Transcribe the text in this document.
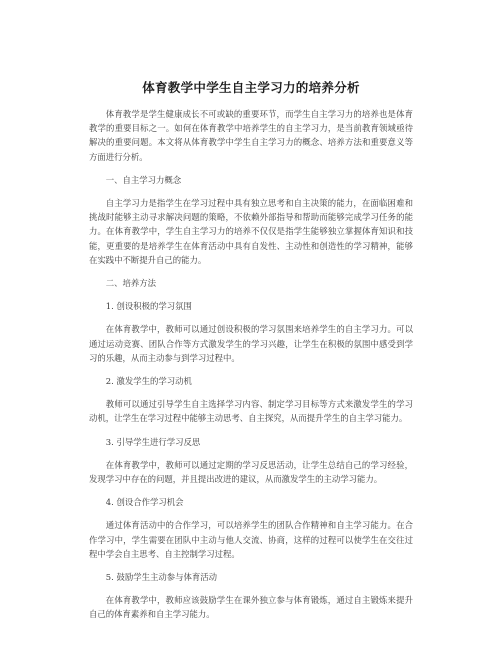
体育教学中学生自主学习力的培养分析

体育教学是学生健康成长不可或缺的重要环节，而学生自主学习力的培养也是体育教学的重要目标之一。如何在体育教学中培养学生的自主学习力，是当前教育领域亟待解决的重要问题。本文将从体育教学中学生自主学习力的概念、培养方法和重要意义等方面进行分析。

一、自主学习力概念

自主学习力是指学生在学习过程中具有独立思考和自主决策的能力，在面临困难和挑战时能够主动寻求解决问题的策略，不依赖外部指导和帮助而能够完成学习任务的能力。在体育教学中，学生自主学习力的培养不仅仅是指学生能够独立掌握体育知识和技能，更重要的是培养学生在体育活动中具有自发性、主动性和创造性的学习精神，能够在实践中不断提升自己的能力。

二、培养方法

1. 创设积极的学习氛围

在体育教学中，教师可以通过创设积极的学习氛围来培养学生的自主学习力。可以通过运动竞赛、团队合作等方式激发学生的学习兴趣，让学生在积极的氛围中感受到学习的乐趣，从而主动参与到学习过程中。

2. 激发学生的学习动机

教师可以通过引导学生自主选择学习内容、制定学习目标等方式来激发学生的学习动机，让学生在学习过程中能够主动思考、自主探究，从而提升学生的自主学习能力。

3. 引导学生进行学习反思

在体育教学中，教师可以通过定期的学习反思活动，让学生总结自己的学习经验，发现学习中存在的问题，并且提出改进的建议，从而激发学生的主动学习能力。

4. 创设合作学习机会

通过体育活动中的合作学习，可以培养学生的团队合作精神和自主学习能力。在合作学习中，学生需要在团队中主动与他人交流、协商，这样的过程可以使学生在交往过程中学会自主思考、自主控制学习过程。

5. 鼓励学生主动参与体育活动

在体育教学中，教师应该鼓励学生在课外独立参与体育锻炼，通过自主锻炼来提升自己的体育素养和自主学习能力。
